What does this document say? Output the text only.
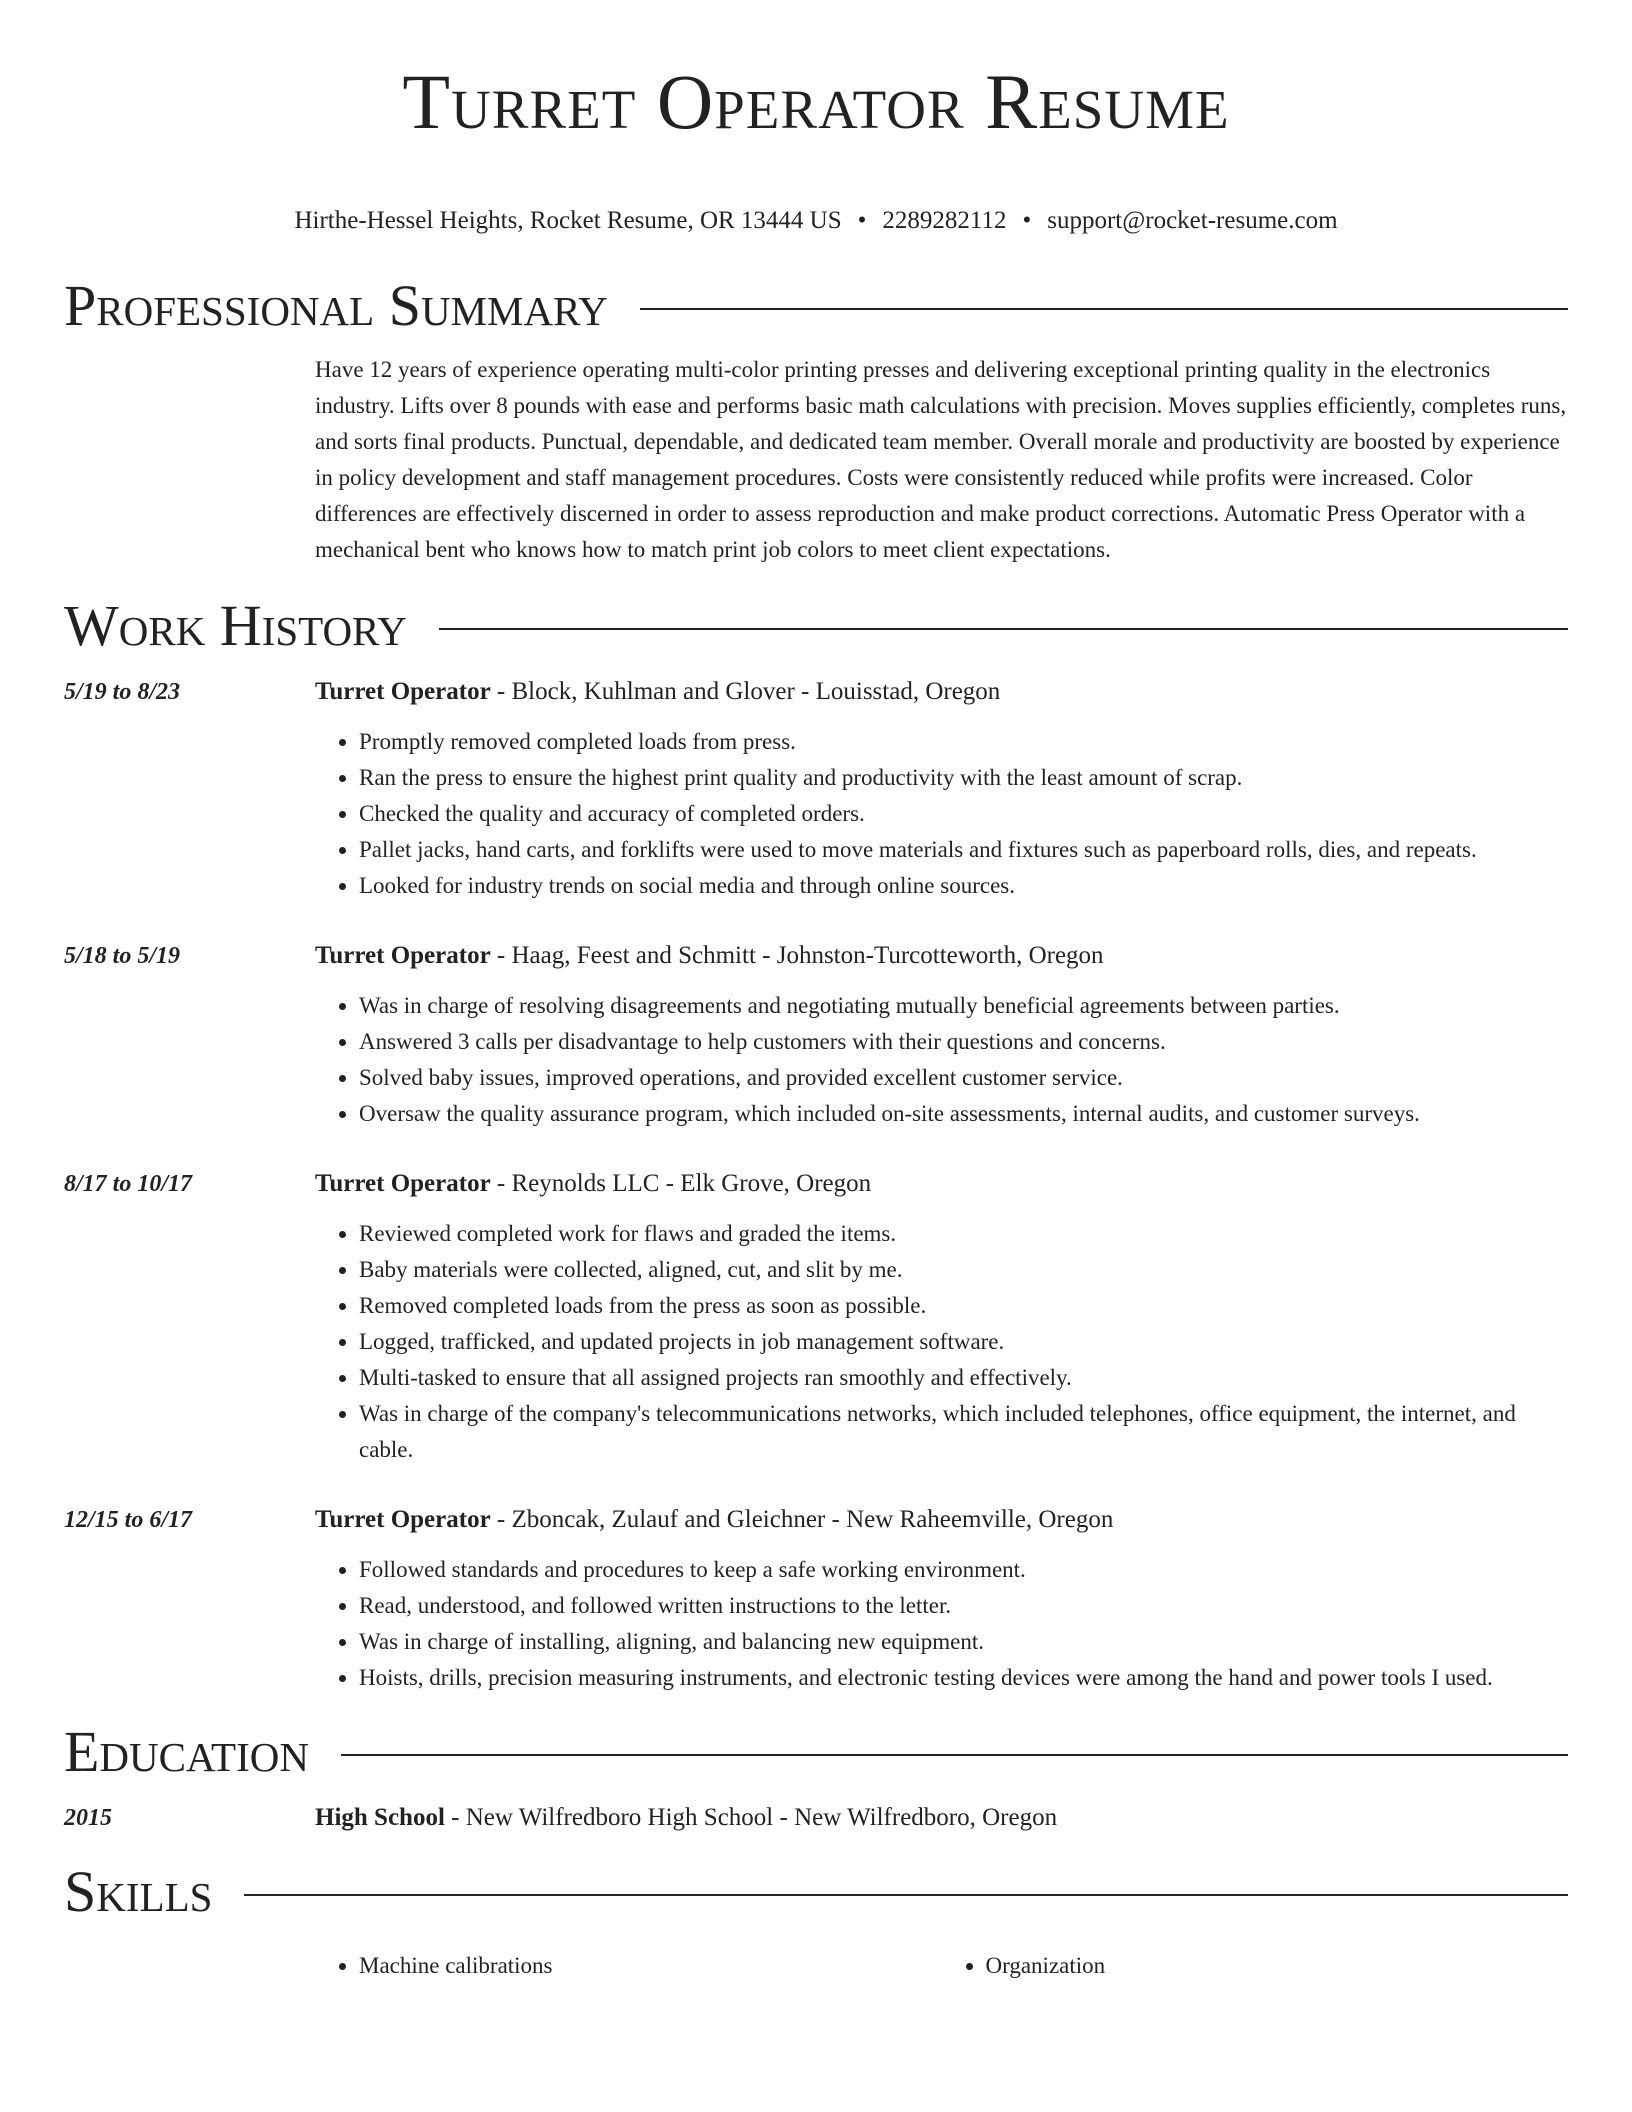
Turret Operator Resume
Hirthe-Hessel Heights, Rocket Resume, OR 13444 US • 2289282112 • support@rocket-resume.com
Professional Summary
Have 12 years of experience operating multi-color printing presses and delivering exceptional printing quality in the electronics industry. Lifts over 8 pounds with ease and performs basic math calculations with precision. Moves supplies efficiently, completes runs, and sorts final products. Punctual, dependable, and dedicated team member. Overall morale and productivity are boosted by experience in policy development and staff management procedures. Costs were consistently reduced while profits were increased. Color differences are effectively discerned in order to assess reproduction and make product corrections. Automatic Press Operator with a mechanical bent who knows how to match print job colors to meet client expectations.
Work History
5/19 to 8/23	Turret Operator - Block, Kuhlman and Glover - Louisstad, Oregon
• Promptly removed completed loads from press.
• Ran the press to ensure the highest print quality and productivity with the least amount of scrap.
• Checked the quality and accuracy of completed orders.
• Pallet jacks, hand carts, and forklifts were used to move materials and fixtures such as paperboard rolls, dies, and repeats.
• Looked for industry trends on social media and through online sources.
5/18 to 5/19	Turret Operator - Haag, Feest and Schmitt - Johnston-Turcotteworth, Oregon
• Was in charge of resolving disagreements and negotiating mutually beneficial agreements between parties.
• Answered 3 calls per disadvantage to help customers with their questions and concerns.
• Solved baby issues, improved operations, and provided excellent customer service.
• Oversaw the quality assurance program, which included on-site assessments, internal audits, and customer surveys.
8/17 to 10/17	Turret Operator - Reynolds LLC - Elk Grove, Oregon
• Reviewed completed work for flaws and graded the items.
• Baby materials were collected, aligned, cut, and slit by me.
• Removed completed loads from the press as soon as possible.
• Logged, trafficked, and updated projects in job management software.
• Multi-tasked to ensure that all assigned projects ran smoothly and effectively.
• Was in charge of the company's telecommunications networks, which included telephones, office equipment, the internet, and cable.
12/15 to 6/17	Turret Operator - Zboncak, Zulauf and Gleichner - New Raheemville, Oregon
• Followed standards and procedures to keep a safe working environment.
• Read, understood, and followed written instructions to the letter.
• Was in charge of installing, aligning, and balancing new equipment.
• Hoists, drills, precision measuring instruments, and electronic testing devices were among the hand and power tools I used.
Education
2015	High School - New Wilfredboro High School - New Wilfredboro, Oregon
Skills
• Machine calibrations
•	Organization
